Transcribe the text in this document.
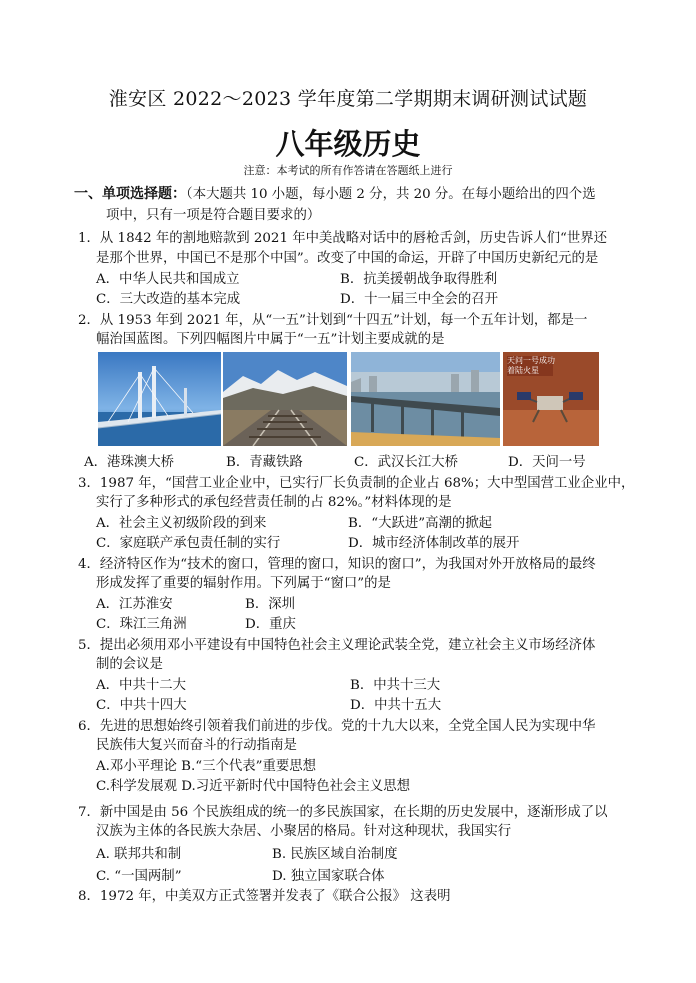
淮安区 2022～2023 学年度第二学期期末调研测试试题
八年级历史
注意：本考试的所有作答请在答题纸上进行
一、单项选择题：（本大题共 10 小题，每小题 2 分，共 20 分。在每小题给出的四个选
项中，只有一项是符合题目要求的）
1．从 1842 年的割地赔款到 2021 年中美战略对话中的唇枪舌剑，历史告诉人们“世界还
是那个世界，中国已不是那个中国”。改变了中国的命运，开辟了中国历史新纪元的是
A．中华人民共和国成立	B．抗美援朝战争取得胜利
C．三大改造的基本完成	D．十一届三中全会的召开
2．从 1953 年到 2021 年，从“一五”计划到“十四五”计划，每一个五年计划，都是一
幅治国蓝图。下列四幅图片中属于“一五”计划主要成就的是
天问一号成功着陆火星
A．港珠澳大桥	B．青藏铁路	C．武汉长江大桥	D．天问一号
3．1987 年，“国营工业企业中，已实行厂长负责制的企业占 68%；大中型国营工业企业中，
实行了多种形式的承包经营责任制的占 82%。”材料体现的是
A．社会主义初级阶段的到来	B．“大跃进”高潮的掀起
C．家庭联产承包责任制的实行	D．城市经济体制改革的展开
4．经济特区作为“技术的窗口，管理的窗口，知识的窗口”，为我国对外开放格局的最终
形成发挥了重要的辐射作用。下列属于“窗口”的是
A．江苏淮安	B．深圳
C．珠江三角洲	D．重庆
5．提出必须用邓小平建设有中国特色社会主义理论武装全党，建立社会主义市场经济体
制的会议是
A．中共十二大	B．中共十三大
C．中共十四大	D．中共十五大
6．先进的思想始终引领着我们前进的步伐。党的十九大以来，全党全国人民为实现中华
民族伟大复兴而奋斗的行动指南是
A.邓小平理论 B.“三个代表”重要思想
C.科学发展观 D.习近平新时代中国特色社会主义思想
7．新中国是由 56 个民族组成的统一的多民族国家，在长期的历史发展中，逐渐形成了以
汉族为主体的各民族大杂居、小聚居的格局。针对这种现状，我国实行
A. 联邦共和制	B. 民族区域自治制度
C. “一国两制”	D. 独立国家联合体
8．1972 年，中美双方正式签署并发表了《联合公报》 这表明
